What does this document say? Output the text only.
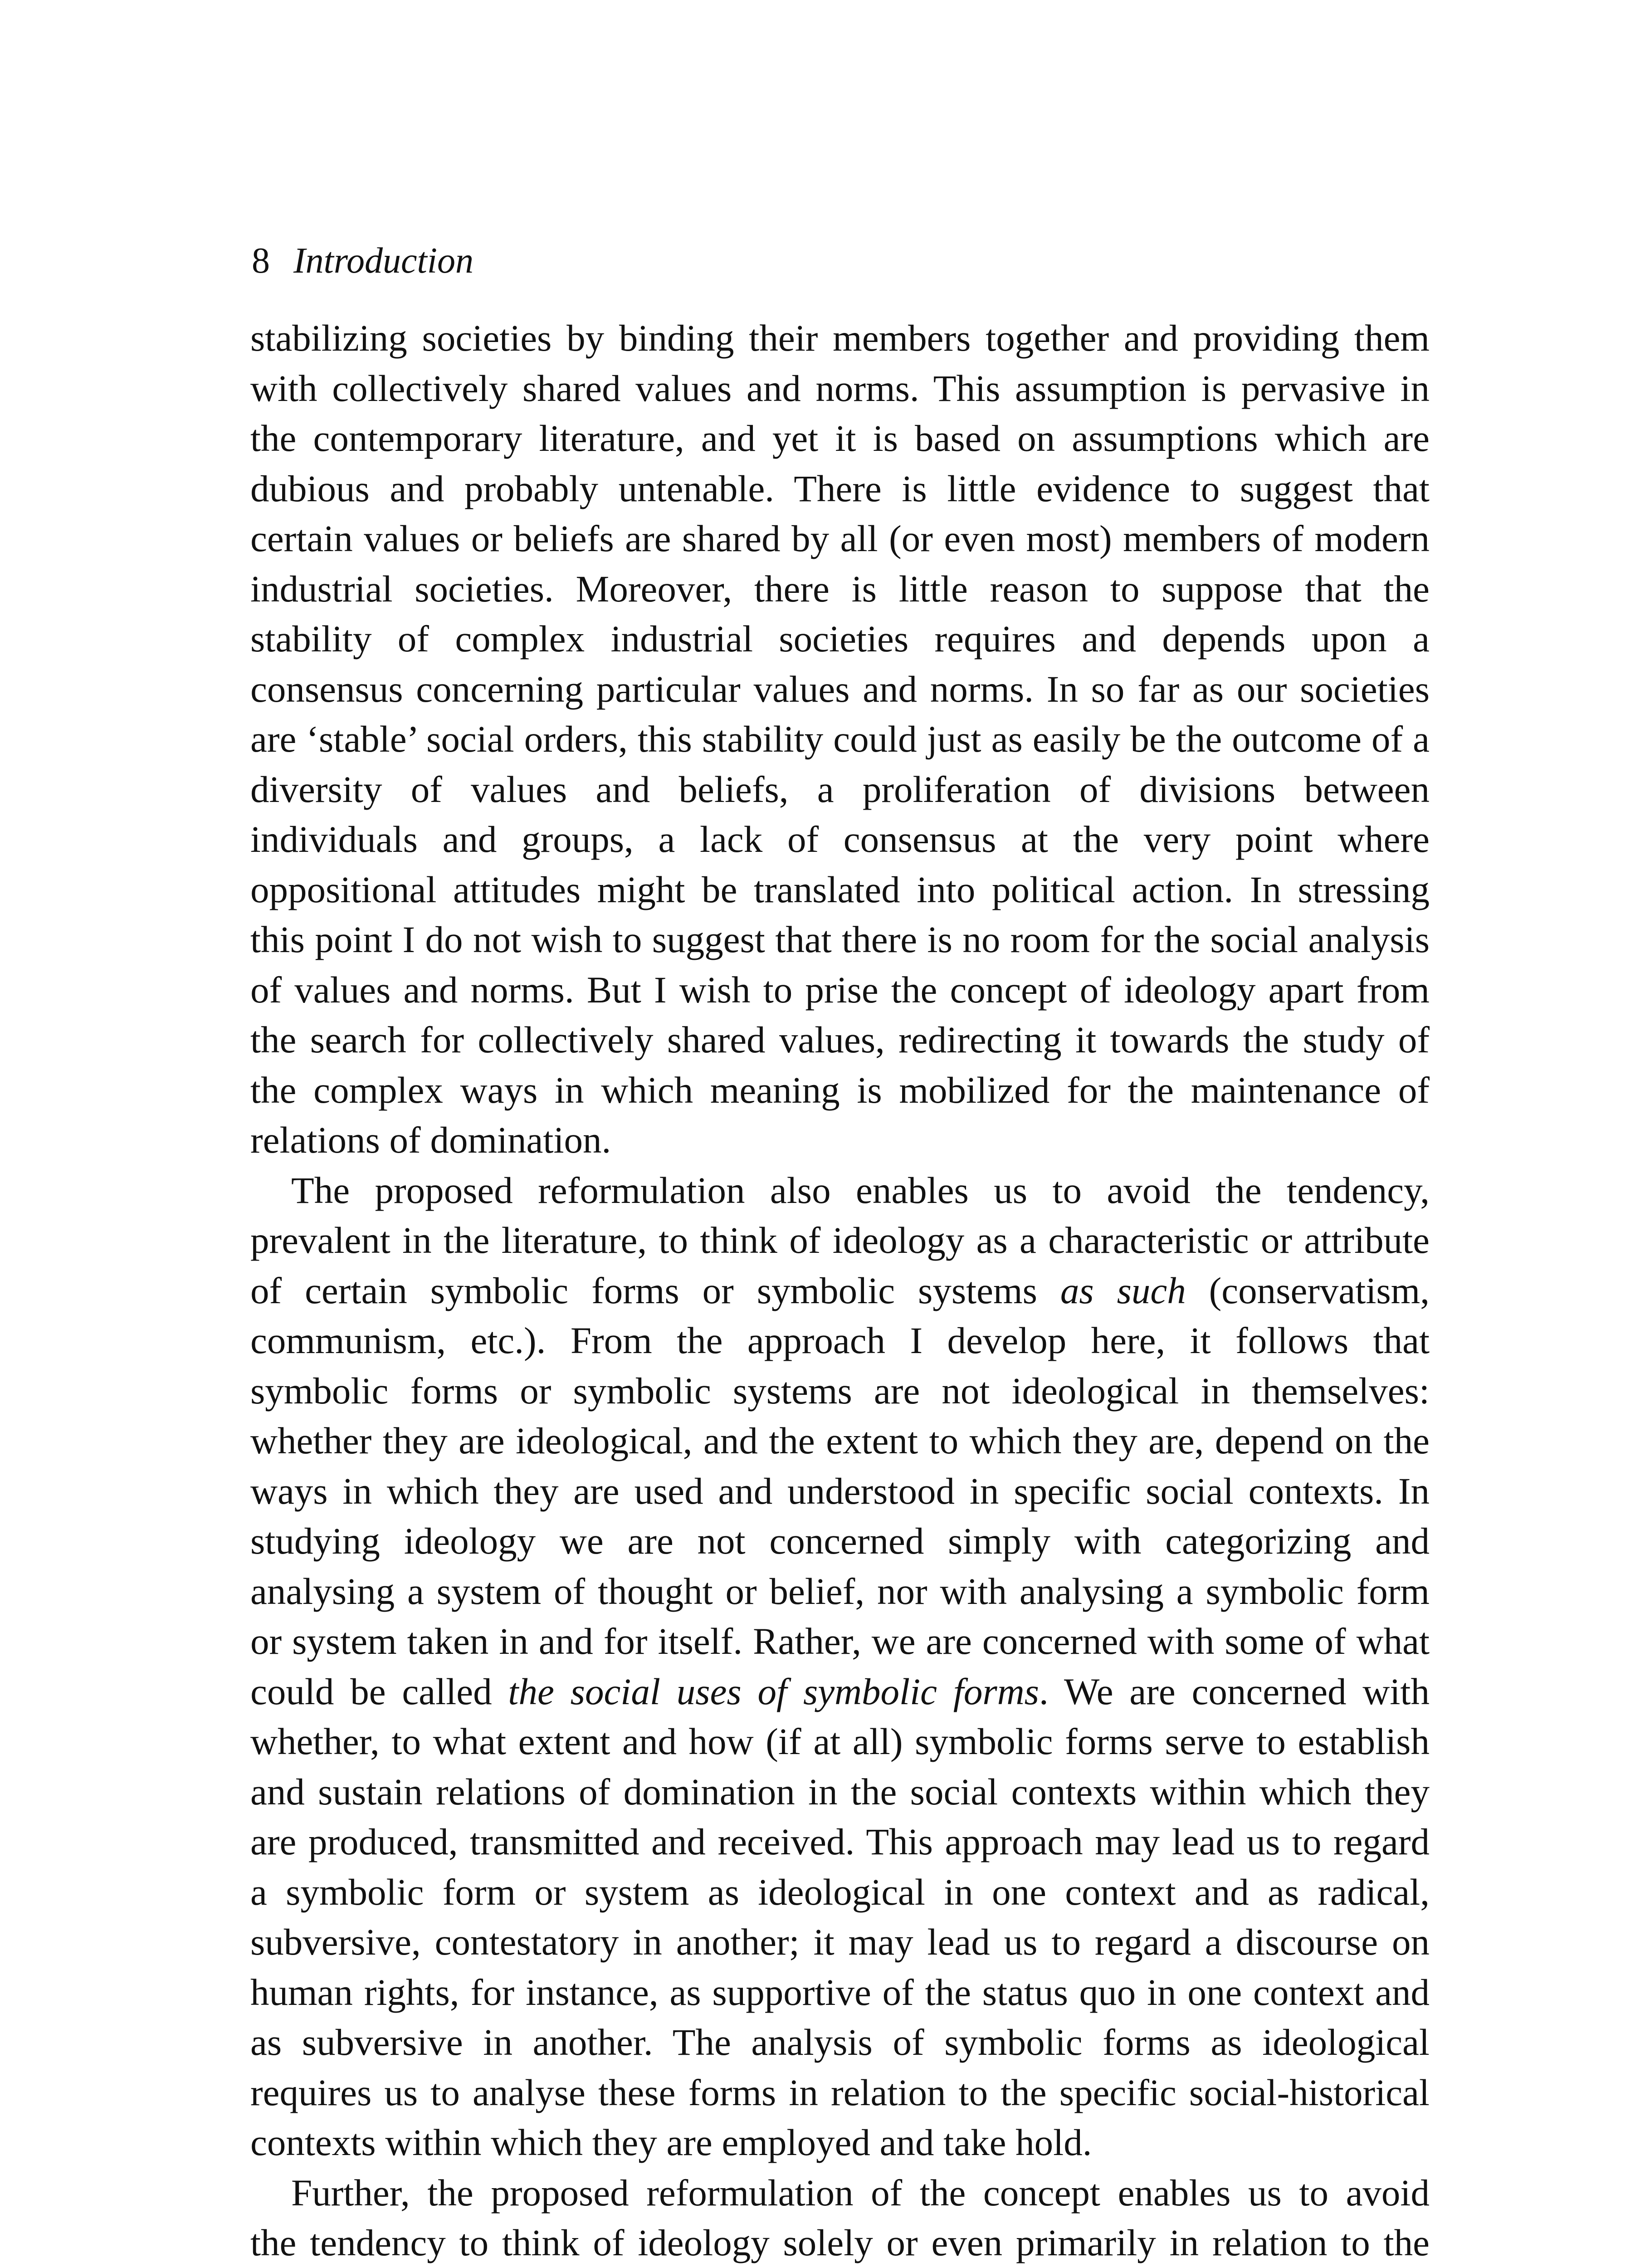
8 Introduction
stabilizing societies by binding their members together and providing them
with collectively shared values and norms. This assumption is pervasive in
the contemporary literature, and yet it is based on assumptions which are
dubious and probably untenable. There is little evidence to suggest that
certain values or beliefs are shared by all (or even most) members of modern
industrial societies. Moreover, there is little reason to suppose that the
stability of complex industrial societies requires and depends upon a
consensus concerning particular values and norms. In so far as our societies
are ‘stable’ social orders, this stability could just as easily be the outcome of a
diversity of values and beliefs, a proliferation of divisions between
individuals and groups, a lack of consensus at the very point where
oppositional attitudes might be translated into political action. In stressing
this point I do not wish to suggest that there is no room for the social analysis
of values and norms. But I wish to prise the concept of ideology apart from
the search for collectively shared values, redirecting it towards the study of
the complex ways in which meaning is mobilized for the maintenance of
relations of domination.
The proposed reformulation also enables us to avoid the tendency,
prevalent in the literature, to think of ideology as a characteristic or attribute
of certain symbolic forms or symbolic systems as such (conservatism,
communism, etc.). From the approach I develop here, it follows that
symbolic forms or symbolic systems are not ideological in themselves:
whether they are ideological, and the extent to which they are, depend on the
ways in which they are used and understood in specific social contexts. In
studying ideology we are not concerned simply with categorizing and
analysing a system of thought or belief, nor with analysing a symbolic form
or system taken in and for itself. Rather, we are concerned with some of what
could be called the social uses of symbolic forms. We are concerned with
whether, to what extent and how (if at all) symbolic forms serve to establish
and sustain relations of domination in the social contexts within which they
are produced, transmitted and received. This approach may lead us to regard
a symbolic form or system as ideological in one context and as radical,
subversive, contestatory in another; it may lead us to regard a discourse on
human rights, for instance, as supportive of the status quo in one context and
as subversive in another. The analysis of symbolic forms as ideological
requires us to analyse these forms in relation to the specific social-historical
contexts within which they are employed and take hold.
Further, the proposed reformulation of the concept enables us to avoid
the tendency to think of ideology solely or even primarily in relation to the
